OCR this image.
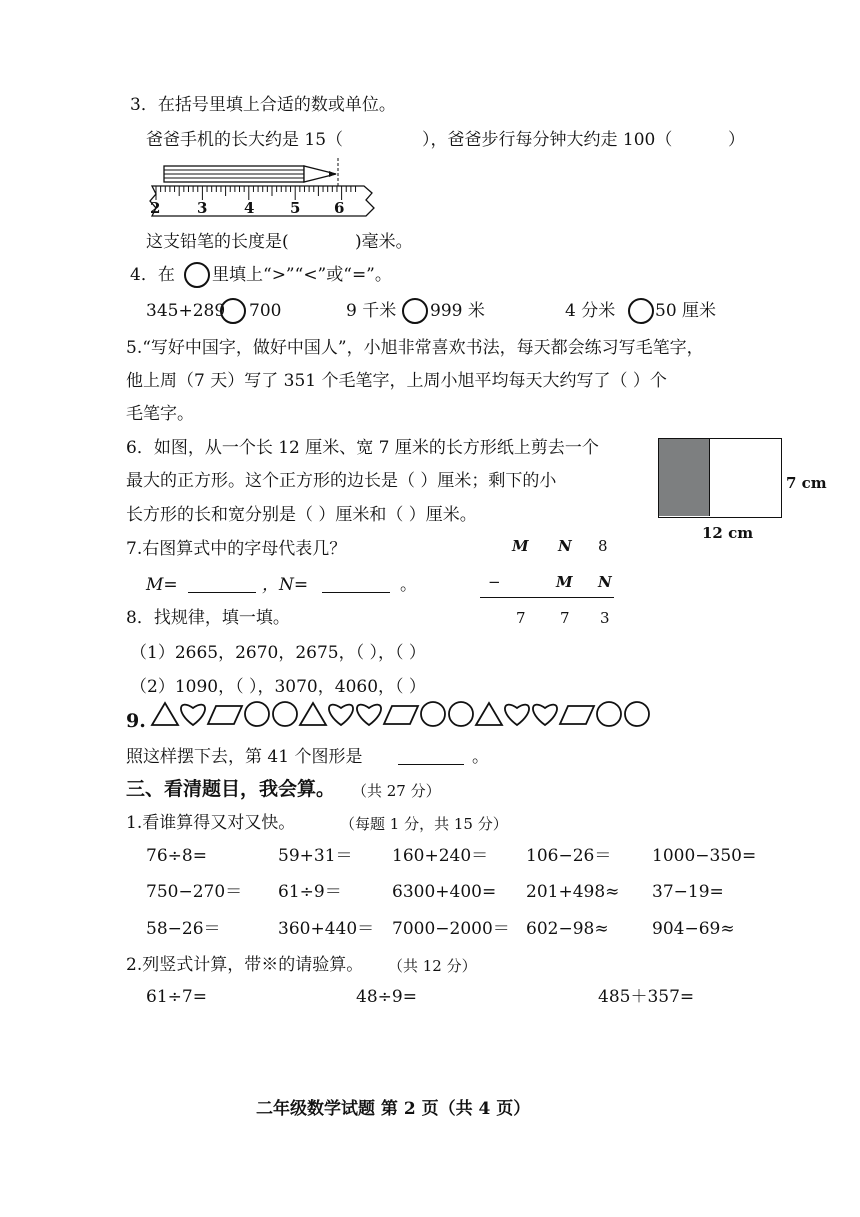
3．在括号里填上合适的数或单位。
爸爸手机的长大约是 15（	），爸爸步行每分钟大约走 100（	）
2 3 4 5 6
这支铅笔的长度是(	)毫米。
4．在 里填上“>”“<”或“=”。
345+289 700	9 千米 999 米	4 分米 50 厘米
5.“写好中国字，做好中国人”，小旭非常喜欢书法，每天都会练习写毛笔字，
他上周（7 天）写了 351 个毛笔字，上周小旭平均每天大约写了（ ）个
毛笔字。
6．如图，从一个长 12 厘米、宽 7 厘米的长方形纸上剪去一个
最大的正方形。这个正方形的边长是（ ）厘米；剩下的小
长方形的长和宽分别是（ ）厘米和（ ）厘米。
7 cm
12 cm
7.右图算式中的字母代表几？
M=	，N=	。
M N 8
−	M N
7 7 3
8．找规律，填一填。
（1）2665，2670，2675，（ ），（ ）
（2）1090，（ ），3070，4060，（ ）
9.
照这样摆下去，第 41 个图形是	。
三、看清题目，我会算。 （共 27 分）
1.看谁算得又对又快。	（每题 1 分，共 15 分）
76÷8=	59+31＝ 160+240＝ 106−26＝ 1000−350=
750−270＝ 61÷9＝	6300+400= 201+498≈ 37−19=
58−26＝	360+440＝ 7000−2000＝ 602−98≈	904−69≈
2.列竖式计算，带※的请验算。 （共 12 分）
61÷7=	48÷9=	485＋357=
二年级数学试题 第 2 页（共 4 页）
